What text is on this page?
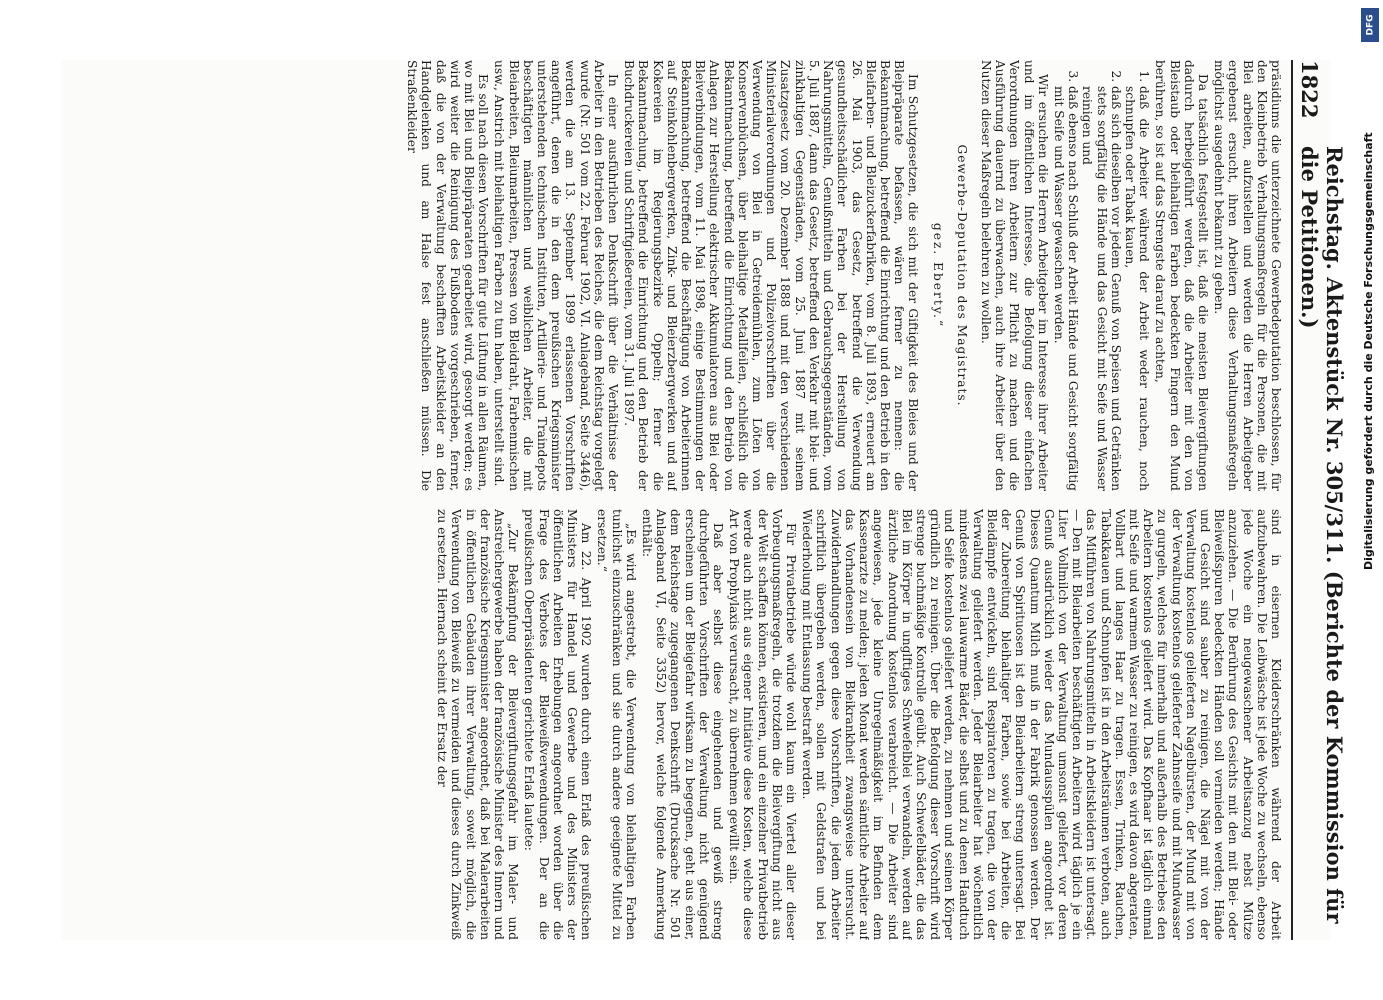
1822
Reichstag. Aktenstück Nr. 305/311. (Berichte der Kommission für die Petitionen.)

präsidiums die unterzeichnete Gewerbedeputation beschlossen, für den Kleinbetrieb Verhaltungsmaßregeln für die Personen, die mit Blei arbeiten, aufzustellen und werden die Herren Arbeitgeber ergebenst ersucht, ihren Arbeitern diese Verhaltungsmaßregeln möglichst ausgedehnt bekannt zu geben.

Da tatsächlich festgestellt ist, daß die meisten Bleivergiftungen dadurch herbeigeführt werden, daß die Arbeiter mit den von Bleistaub oder bleihaltigen Farben bedeckten Fingern den Mund berühren, so ist auf das Strengste darauf zu achten,

1. daß die Arbeiter während der Arbeit weder rauchen, noch schnupfen oder Tabak kauen,
2. daß sich dieselben vor jedem Genuß von Speisen und Getränken stets sorgfältig die Hände und das Gesicht mit Seife und Wasser reinigen und
3. daß ebenso nach Schluß der Arbeit Hände und Gesicht sorgfältig mit Seife und Wasser gewaschen werden.

Wir ersuchen die Herren Arbeitgeber im Interesse ihrer Arbeiter und im öffentlichen Interesse, die Befolgung dieser einfachen Verordnungen ihren Arbeitern zur Pflicht zu machen und die Ausführung dauernd zu überwachen, auch ihre Arbeiter über den Nutzen dieser Maßregeln belehren zu wollen.

Gewerbe-Deputation des Magistrats.

gez. Eberty.“

Im Schutzgesetzen, die sich mit der Giftigkeit des Bleies und der Bleipräparate befassen, wären ferner zu nennen: die Bekanntmachung, betreffend die Einrichtung und den Betrieb in den Bleifarben- und Bleizuckerfabriken, vom 8. Juli 1893, erneuert am 26. Mai 1903, das Gesetz, betreffend die Verwendung gesundheitsschädlicher Farben bei der Herstellung von Nahrungsmitteln, Genußmitteln und Gebrauchsgegenständen, vom 5. Juli 1887, dann das Gesetz, betreffend den Verkehr mit blei- und zinkhaltigen Gegenständen, vom 25. Juni 1887 mit seinem Zusatzgesetz vom 20. Dezember 1888 und mit den verschiedenen Ministerialverordnungen und Polizeivorschriften über die Verwendung von Blei in Getreidemühlen, zum Löten von Konservenbüchsen, über bleihaltige Metallfeilen, schließlich die Bekanntmachung, betreffend die Einrichtung und den Betrieb von Anlagen zur Herstellung elektrischer Akkumulatoren aus Blei oder Bleiverbindungen, vom 11. Mai 1898, einige Bestimmungen der Bekanntmachung, betreffend die Beschäftigung von Arbeiterinnen auf Steinkohlenbergwerken, Zink- und Bleierzbergwerken und auf Kokereien im Regierungsbezirke Oppeln; ferner die Bekanntmachung, betreffend die Einrichtung und den Betrieb der Buchdruckereien und Schriftgießereien, vom 31. Juli 1897.

In einer ausführlichen Denkschrift über die Verhältnisse der Arbeiter in den Betrieben des Reiches, die dem Reichstag vorgelegt wurde (Nr. 501 vom 22. Februar 1902, VI. Anlageband, Seite 3446), werden die am 13. September 1899 erlassenen Vorschriften angeführt, denen die in den dem preußischen Kriegsminister unterstehenden technischen Instituten, Artillerie- und Traindepots beschäftigten männlichen und weiblichen Arbeiter, die mit Bleiarbeiten, Bleiumarbeiten, Pressen von Bleidraht, Farbenmischen usw., Anstrich mit bleihaltigen Farben zu tun haben, unterstellt sind.

Es soll nach diesen Vorschriften für gute Lüftung in allen Räumen, wo mit Blei und Bleipräparaten gearbeitet wird, gesorgt werden; es wird weiter die Reinigung des Fußbodens vorgeschrieben, ferner, daß die von der Verwaltung beschafften Arbeitskleider an den Handgelenken und am Halse fest anschließen müssen. Die Straßenkleider

sind in eisernen Kleiderschränken während der Arbeit aufzubewahren. Die Leibwäsche ist jede Woche zu wechseln, ebenso jede Woche ein neugewaschener Arbeitsanzug nebst Mütze anzuziehen. — Die Berührung des Gesichts mit den mit Blei- oder Bleiweißspuren bedeckten Händen soll vermieden werden; Hände und Gesicht sind sauber zu reinigen, die Nägel mit von der Verwaltung kostenlos gelieferten Nagelbürsten, der Mund mit von der Verwaltung kostenlos gelieferter Zahnseife und mit Mundwasser zu gurgeln, welches für innerhalb und außerhalb des Betriebes den Arbeitern kostenlos geliefert wird. Das Kopfhaar ist täglich einmal mit Seife und warmem Wasser zu reinigen, es wird davon abgeraten, Vollbart und langes Haar zu tragen. Essen, Trinken, Rauchen, Tabakkauen und Schnupfen ist in den Arbeitsräumen verboten, auch das Mitführen von Nahrungsmitteln in Arbeitskleidern ist untersagt. — Den mit Bleiarbeiten beschäftigten Arbeitern wird täglich je ein Liter Vollmilch von der Verwaltung umsonst geliefert, vor deren Genuß ausdrücklich wieder das Mundausspülen angeordnet ist. Dieses Quantum Milch muß in der Fabrik genossen werden. Der Genuß von Spirituosen ist den Bleiarbeitern streng untersagt. Bei der Zubereitung bleihaltiger Farben, sowie bei Arbeiten, die Bleidämpfe entwickeln, sind Respiratoren zu tragen, die von der Verwaltung geliefert werden. Jeder Bleiarbeiter hat wöchentlich mindestens zwei lauwarme Bäder, die selbst und zu denen Handtuch und Seife kostenlos geliefert werden, zu nehmen und seinen Körper gründlich zu reinigen. Über die Befolgung dieser Vorschrift wird strenge buchmäßige Kontrolle geübt. Auch Schwefelbäder, die das Blei im Körper in unglftiges Schwefelblei verwandeln, werden auf ärztliche Anordnung kostenlos verabreicht. — Die Arbeiter sind angewiesen, jede kleine Unregelmäßigkeit im Befinden dem Kassenarzte zu melden; jeden Monat werden sämtliche Arbeiter auf das Vorhandensein von Bleikrankheit zwangsweise untersucht. Zuwiderhandlungen gegen diese Vorschriften, die jedem Arbeiter schriftlich übergeben werden, sollen mit Geldstrafen und bei Wiederholung mit Entlassung bestraft werden.

Für Privatbetriebe würde wohl kaum ein Viertel aller dieser Vorbeugungsmaßregeln, die trotzdem die Bleivergiftung nicht aus der Welt schaffen können, existieren, und ein einzelner Privatbetrieb werde auch nicht aus eigener Initiative diese Kosten, welche diese Art von Prophylaxis verursacht, zu übernehmen gewillt sein.

Daß aber selbst diese eingehenden und gewiß streng durchgeführten Vorschriften der Verwaltung nicht genügend erscheinen um der Bleigefahr wirksam zu begegnen, geht aus einer, dem Reichstage zugegangenen Denkschrift (Drucksache Nr. 501 Anlageband VI, Seite 3352) hervor, welche folgende Anmerkung enthält:

„Es wird angestrebt, die Verwendung von bleihaltigen Farben tunlichst einzuschränken und sie durch andere geeignete Mittel zu ersetzen.“

Am 22. April 1902 wurden durch einen Erlaß des preußischen Ministers für Handel und Gewerbe und des Ministers der öffentlichen Arbeiten Erhebungen angeordnet worden über die Frage des Verbotes der Bleiweißverwendungen. Der an die preußischen Oberpräsidenten gerichtete Erlaß lautete:

„Zur Bekämpfung der Bleivergiftungsgefahr im Maler- und Anstreichergewerbe haben der französische Minister des Innern und der französische Kriegsminister angeordnet, daß bei Malerarbeiten in öffentlichen Gebäuden ihrer Verwaltung, soweit möglich, die Verwendung von Bleiweiß zu vermeiden und dieses durch Zinkweiß zu ersetzen. Hiernach scheint der Ersatz der

DFG
Digitalisierung gefördert durch die Deutsche Forschungsgemeinschaft
